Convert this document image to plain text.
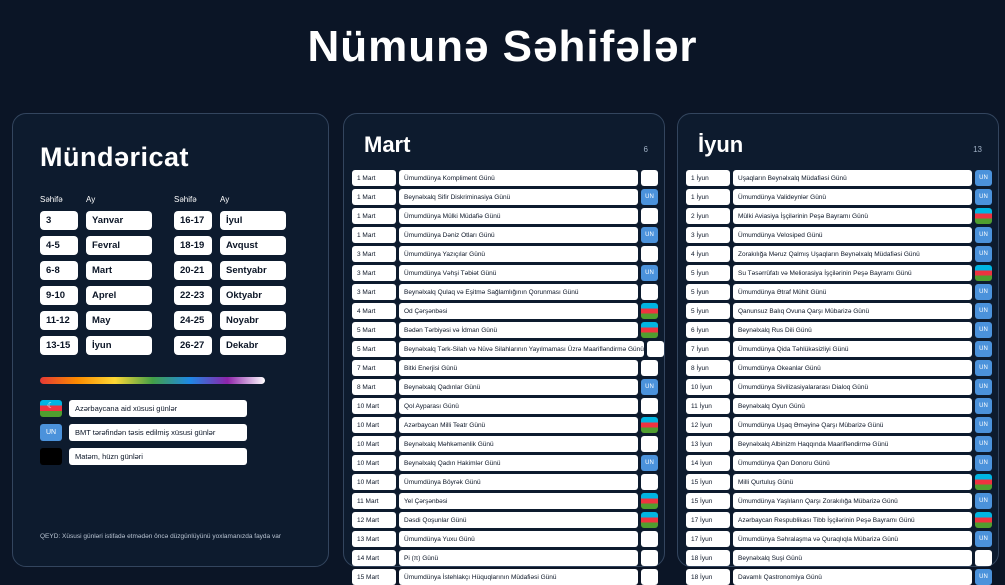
Nümunə Səhifələr
Mündəricat
Səhifə	Ay
3	Yanvar
4-5	Fevral
6-8	Mart
9-10	Aprel
11-12	May
13-15	İyun
Səhifə	Ay
16-17	İyul
18-19	Avqust
20-21	Sentyabr
22-23	Oktyabr
24-25	Noyabr
26-27	Dekabr
☾
Azərbaycana aid xüsusi günlər
UN	BMT tərəfindən təsis edilmiş xüsusi günlər
Matəm, hüzn günləri
QEYD: Xüsusi günləri istifadə etmədən öncə düzgünlüyünü yoxlamanızda fayda var
Mart	6
1 Mart	Ümumdünya Kompliment Günü
1 Mart	Beynəlxalq Sifir Diskriminasiya Günü	UN
1 Mart	Ümumdünya Mülki Müdafiə Günü
1 Mart	Ümumdünya Dəniz Otları Günü	UN
3 Mart	Ümumdünya Yazıçılar Günü
3 Mart	Ümumdünya Vəhşi Təbiət Günü	UN
3 Mart	Beynəlxalq Qulaq və Eşitmə Sağlamlığının Qorunması Günü
4 Mart	Od Çərşənbəsi
5 Mart	Bədən Tərbiyəsi və İdman Günü
5 Mart	Beynəlxalq Tərk-Silah və Nüvə Silahlarının Yayılmaması Üzrə Maarifləndirmə Günü
7 Mart	Bitki Enerjisi Günü
8 Mart	Beynəlxalq Qadınlar Günü	UN
10 Mart	Qol Ayparası Günü
10 Mart	Azərbaycan Milli Teatr Günü
10 Mart	Beynəlxalq Məhkəmənlik Günü
10 Mart	Beynəlxalq Qadın Hakimlər Günü	UN
10 Mart	Ümumdünya Böyrək Günü
11 Mart	Yel Çərşənbəsi
12 Mart	Dəsdi Qoşunlar Günü
13 Mart	Ümumdünya Yuxu Günü
14 Mart	Pi (π) Günü
15 Mart	Ümumdünya İstehlakçı Hüquqlarının Müdafiəsi Günü
İyun	13
1 İyun	Uşaqların Beynəlxalq Müdafiəsi Günü	UN
1 İyun	Ümumdünya Valideynlər Günü	UN
2 İyun	Mülki Aviasiya İşçilərinin Peşə Bayramı Günü
3 İyun	Ümumdünya Velosiped Günü	UN
4 İyun	Zorakılığa Məruz Qalmış Uşaqların Beynəlxalq Müdafiəsi Günü	UN
5 İyun	Su Təsərrüfatı və Meliorasiya İşçilərinin Peşə Bayramı Günü
5 İyun	Ümumdünya Ətraf Mühit Günü	UN
5 İyun	Qanunsuz Balıq Ovuna Qarşı Mübarizə Günü	UN
6 İyun	Beynəlxalq Rus Dili Günü	UN
7 İyun	Ümumdünya Qida Təhlükəsizliyi Günü	UN
8 İyun	Ümumdünya Okeanlar Günü	UN
10 İyun	Ümumdünya Sivilizasiyalararası Dialoq Günü	UN
11 İyun	Beynəlxalq Oyun Günü	UN
12 İyun	Ümumdünya Uşaq Əməyinə Qarşı Mübarizə Günü	UN
13 İyun	Beynəlxalq Albinizm Haqqında Maarifləndirmə Günü	UN
14 İyun	Ümumdünya Qan Donoru Günü	UN
15 İyun	Milli Qurtuluş Günü
15 İyun	Ümumdünya Yaşlıların Qarşı Zorakılığa Mübarizə Günü	UN
17 İyun	Azərbaycan Respublikası Tibb İşçilərinin Peşə Bayramı Günü
17 İyun	Ümumdünya Səhralaşma və Quraqlıqla Mübarizə Günü	UN
18 İyun	Beynəlxalq Suşi Günü
18 İyun	Davamlı Qastronomiya Günü	UN
